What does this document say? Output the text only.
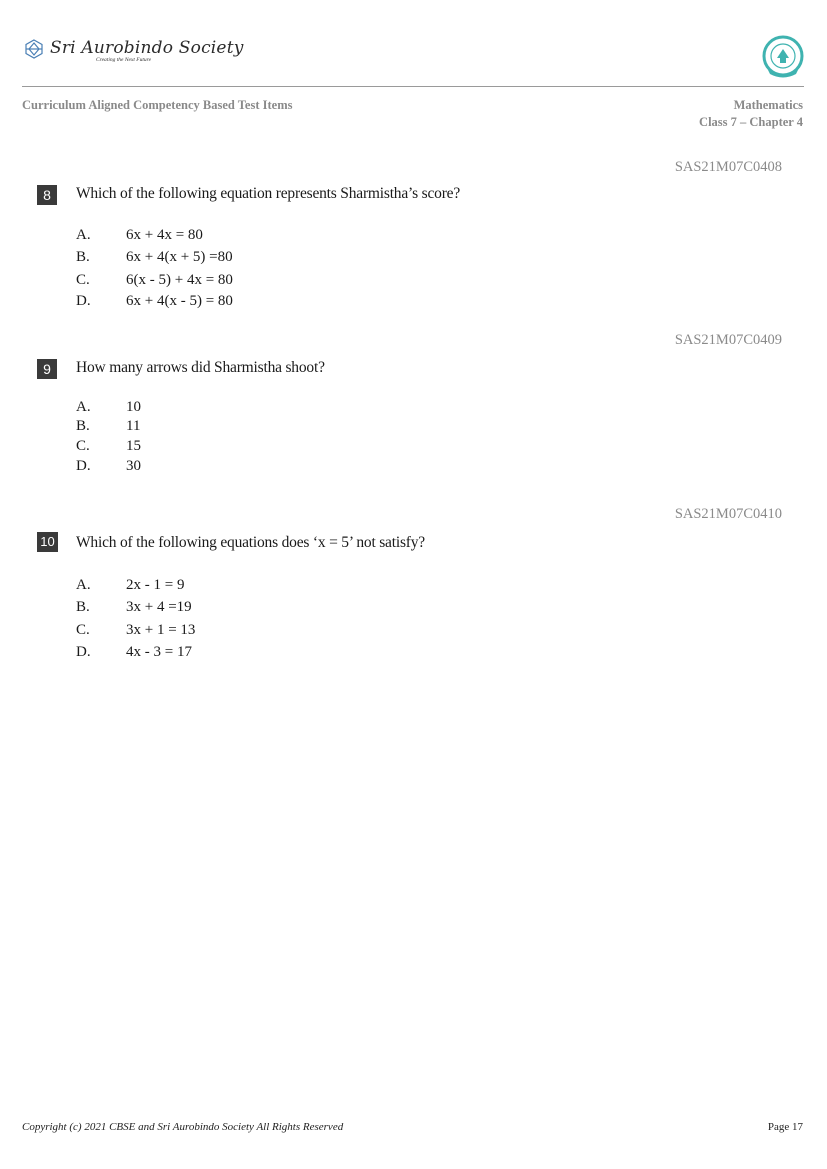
Sri Aurobindo Society
Creating the Next Future
Curriculum Aligned Competency Based Test Items	Mathematics
Class 7 – Chapter 4
SAS21M07C0408
8	Which of the following equation represents Sharmistha’s score?
A. 6x + 4x = 80
B. 6x + 4(x + 5) =80
C. 6(x - 5) + 4x = 80
D. 6x + 4(x - 5) = 80
SAS21M07C0409
9	How many arrows did Sharmistha shoot?
A. 10
B. 11
C. 15
D. 30
SAS21M07C0410
10 Which of the following equations does ‘x = 5’ not satisfy?
A. 2x - 1 = 9
B. 3x + 4 =19
C. 3x + 1 = 13
D. 4x - 3 = 17
Copyright (c) 2021 CBSE and Sri Aurobindo Society All Rights Reserved	Page 17
